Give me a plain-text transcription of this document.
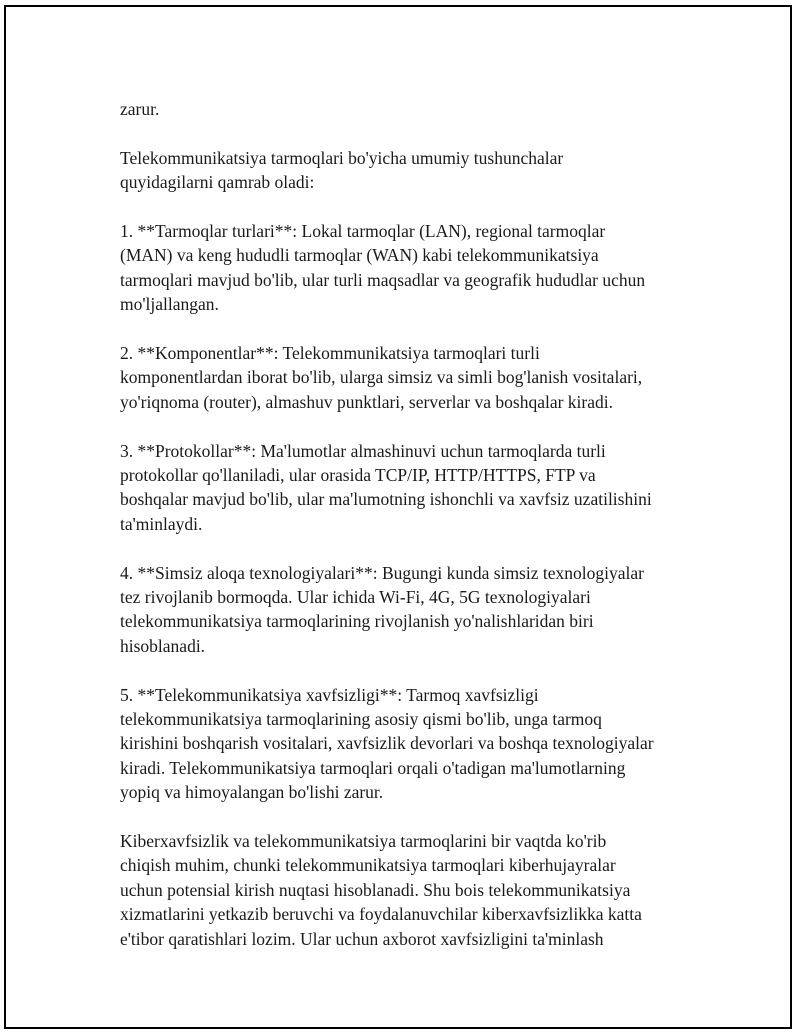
zarur.

Telekommunikatsiya tarmoqlari bo'yicha umumiy tushunchalar
quyidagilarni qamrab oladi:

1. **Tarmoqlar turlari**: Lokal tarmoqlar (LAN), regional tarmoqlar
(MAN) va keng hududli tarmoqlar (WAN) kabi telekommunikatsiya
tarmoqlari mavjud bo'lib, ular turli maqsadlar va geografik hududlar uchun
mo'ljallangan.

2. **Komponentlar**: Telekommunikatsiya tarmoqlari turli
komponentlardan iborat bo'lib, ularga simsiz va simli bog'lanish vositalari,
yo'riqnoma (router), almashuv punktlari, serverlar va boshqalar kiradi.

3. **Protokollar**: Ma'lumotlar almashinuvi uchun tarmoqlarda turli
protokollar qo'llaniladi, ular orasida TCP/IP, HTTP/HTTPS, FTP va
boshqalar mavjud bo'lib, ular ma'lumotning ishonchli va xavfsiz uzatilishini
ta'minlaydi.

4. **Simsiz aloqa texnologiyalari**: Bugungi kunda simsiz texnologiyalar
tez rivojlanib bormoqda. Ular ichida Wi-Fi, 4G, 5G texnologiyalari
telekommunikatsiya tarmoqlarining rivojlanish yo'nalishlaridan biri
hisoblanadi.

5. **Telekommunikatsiya xavfsizligi**: Tarmoq xavfsizligi
telekommunikatsiya tarmoqlarining asosiy qismi bo'lib, unga tarmoq
kirishini boshqarish vositalari, xavfsizlik devorlari va boshqa texnologiyalar
kiradi. Telekommunikatsiya tarmoqlari orqali o'tadigan ma'lumotlarning
yopiq va himoyalangan bo'lishi zarur.

Kiberxavfsizlik va telekommunikatsiya tarmoqlarini bir vaqtda ko'rib
chiqish muhim, chunki telekommunikatsiya tarmoqlari kiberhujayralar
uchun potensial kirish nuqtasi hisoblanadi. Shu bois telekommunikatsiya
xizmatlarini yetkazib beruvchi va foydalanuvchilar kiberxavfsizlikka katta
e'tibor qaratishlari lozim. Ular uchun axborot xavfsizligini ta'minlash
